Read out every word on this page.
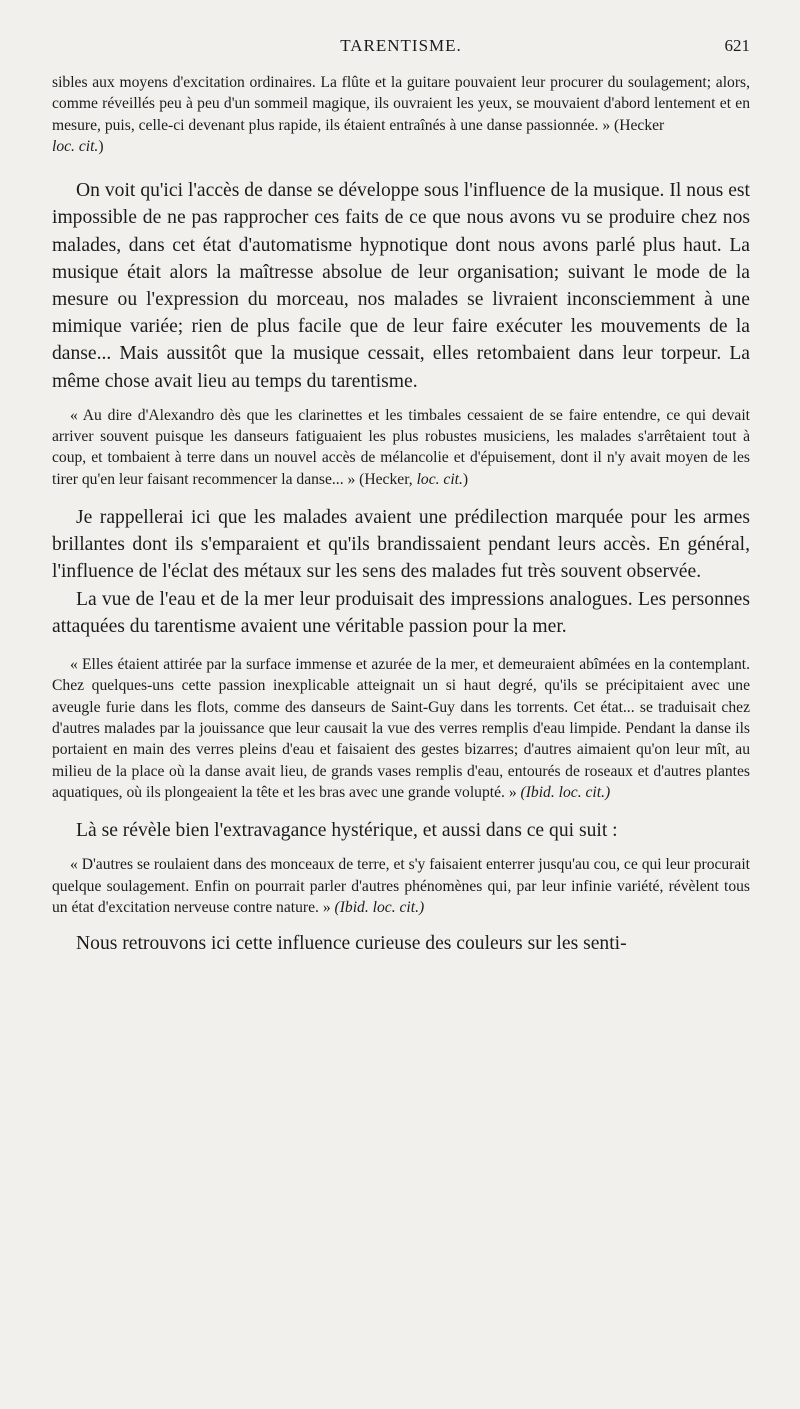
TARENTISME.	621

sibles aux moyens d'excitation ordinaires. La flûte et la guitare pouvaient leur procurer du soulagement; alors, comme réveillés peu à peu d'un sommeil magique, ils ouvraient les yeux, se mouvaient d'abord lentement et en mesure, puis, celle-ci devenant plus rapide, ils étaient entraînés à une danse passionnée. » (Hecker
loc. cit.)

On voit qu'ici l'accès de danse se développe sous l'influence de la musique. Il nous est impossible de ne pas rapprocher ces faits de ce que nous avons vu se produire chez nos malades, dans cet état d'automatisme hypnotique dont nous avons parlé plus haut. La musique était alors la maîtresse absolue de leur organisation; suivant le mode de la mesure ou l'expression du morceau, nos malades se livraient inconsciemment à une mimique variée; rien de plus facile que de leur faire exécuter les mouvements de la danse... Mais aussitôt que la musique cessait, elles retombaient dans leur torpeur. La même chose avait lieu au temps du tarentisme.

« Au dire d'Alexandro dès que les clarinettes et les timbales cessaient de se faire entendre, ce qui devait arriver souvent puisque les danseurs fatiguaient les plus robustes musiciens, les malades s'arrêtaient tout à coup, et tombaient à terre dans un nouvel accès de mélancolie et d'épuisement, dont il n'y avait moyen de les tirer qu'en leur faisant recommencer la danse... » (Hecker, loc. cit.)

Je rappellerai ici que les malades avaient une prédilection marquée pour les armes brillantes dont ils s'emparaient et qu'ils brandissaient pendant leurs accès. En général, l'influence de l'éclat des métaux sur les sens des malades fut très souvent observée.

La vue de l'eau et de la mer leur produisait des impressions analogues. Les personnes attaquées du tarentisme avaient une véritable passion pour la mer.

« Elles étaient attirée par la surface immense et azurée de la mer, et demeuraient abîmées en la contemplant. Chez quelques-uns cette passion inexplicable atteignait un si haut degré, qu'ils se précipitaient avec une aveugle furie dans les flots, comme des danseurs de Saint-Guy dans les torrents. Cet état... se traduisait chez d'autres malades par la jouissance que leur causait la vue des verres remplis d'eau limpide. Pendant la danse ils portaient en main des verres pleins d'eau et faisaient des gestes bizarres; d'autres aimaient qu'on leur mît, au milieu de la place où la danse avait lieu, de grands vases remplis d'eau, entourés de roseaux et d'autres plantes aquatiques, où ils plongeaient la tête et les bras avec une grande volupté. » (Ibid. loc. cit.)

Là se révèle bien l'extravagance hystérique, et aussi dans ce qui suit :

« D'autres se roulaient dans des monceaux de terre, et s'y faisaient enterrer jusqu'au cou, ce qui leur procurait quelque soulagement. Enfin on pourrait parler d'autres phénomènes qui, par leur infinie variété, révèlent tous un état d'excitation nerveuse contre nature. » (Ibid. loc. cit.)

Nous retrouvons ici cette influence curieuse des couleurs sur les senti-
